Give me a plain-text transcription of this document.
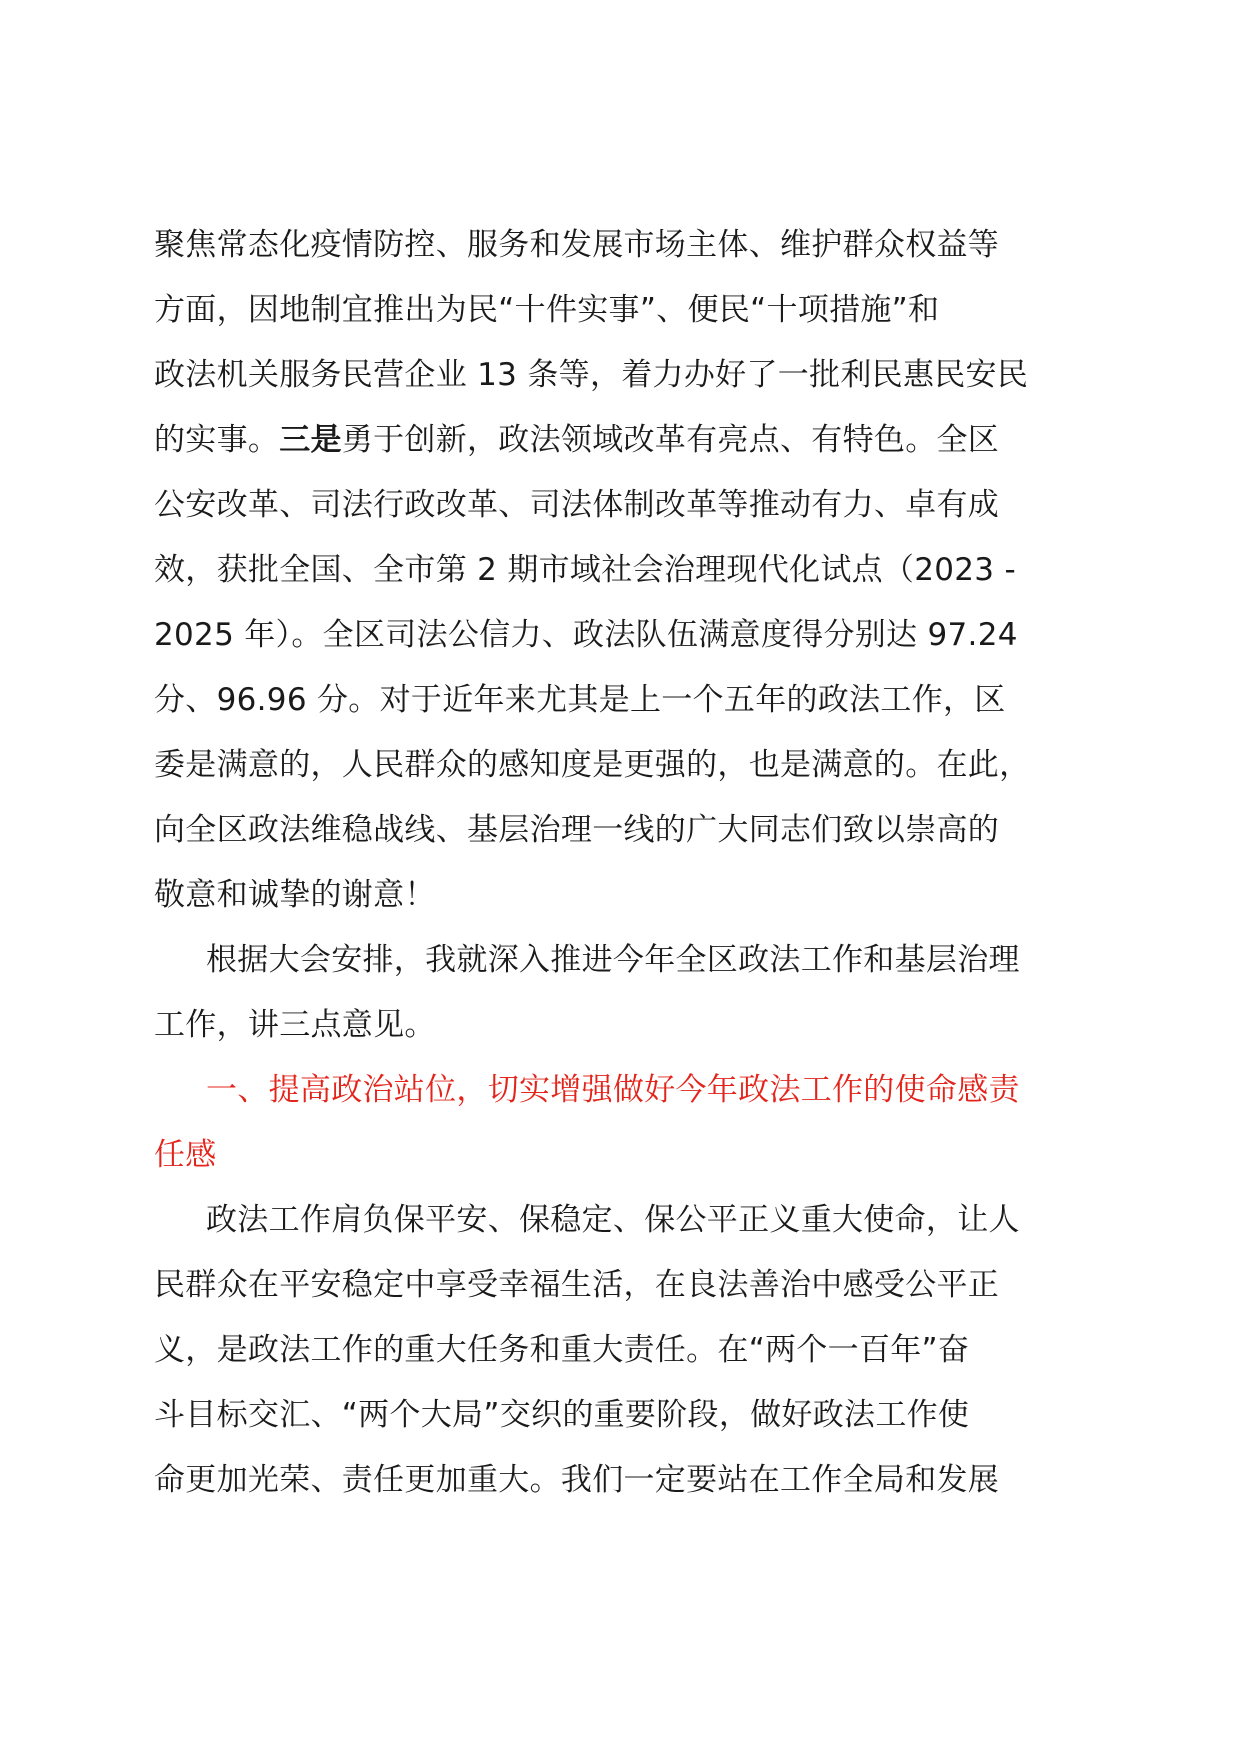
聚焦常态化疫情防控、服务和发展市场主体、维护群众权益等
方面，因地制宜推出为民“十件实事”、便民“十项措施”和
政法机关服务民营企业 13 条等，着力办好了一批利民惠民安民
的实事。三是勇于创新，政法领域改革有亮点、有特色。全区
公安改革、司法行政改革、司法体制改革等推动有力、卓有成
效，获批全国、全市第 2 期市域社会治理现代化试点（2023 -
2025 年）。全区司法公信力、政法队伍满意度得分别达 97.24
分、96.96 分。对于近年来尤其是上一个五年的政法工作，区
委是满意的，人民群众的感知度是更强的，也是满意的。在此，
向全区政法维稳战线、基层治理一线的广大同志们致以崇高的
敬意和诚挚的谢意！
根据大会安排，我就深入推进今年全区政法工作和基层治理
工作，讲三点意见。
一、提高政治站位，切实增强做好今年政法工作的使命感责
任感
政法工作肩负保平安、保稳定、保公平正义重大使命，让人
民群众在平安稳定中享受幸福生活，在良法善治中感受公平正
义，是政法工作的重大任务和重大责任。在“两个一百年”奋
斗目标交汇、“两个大局”交织的重要阶段，做好政法工作使
命更加光荣、责任更加重大。我们一定要站在工作全局和发展
